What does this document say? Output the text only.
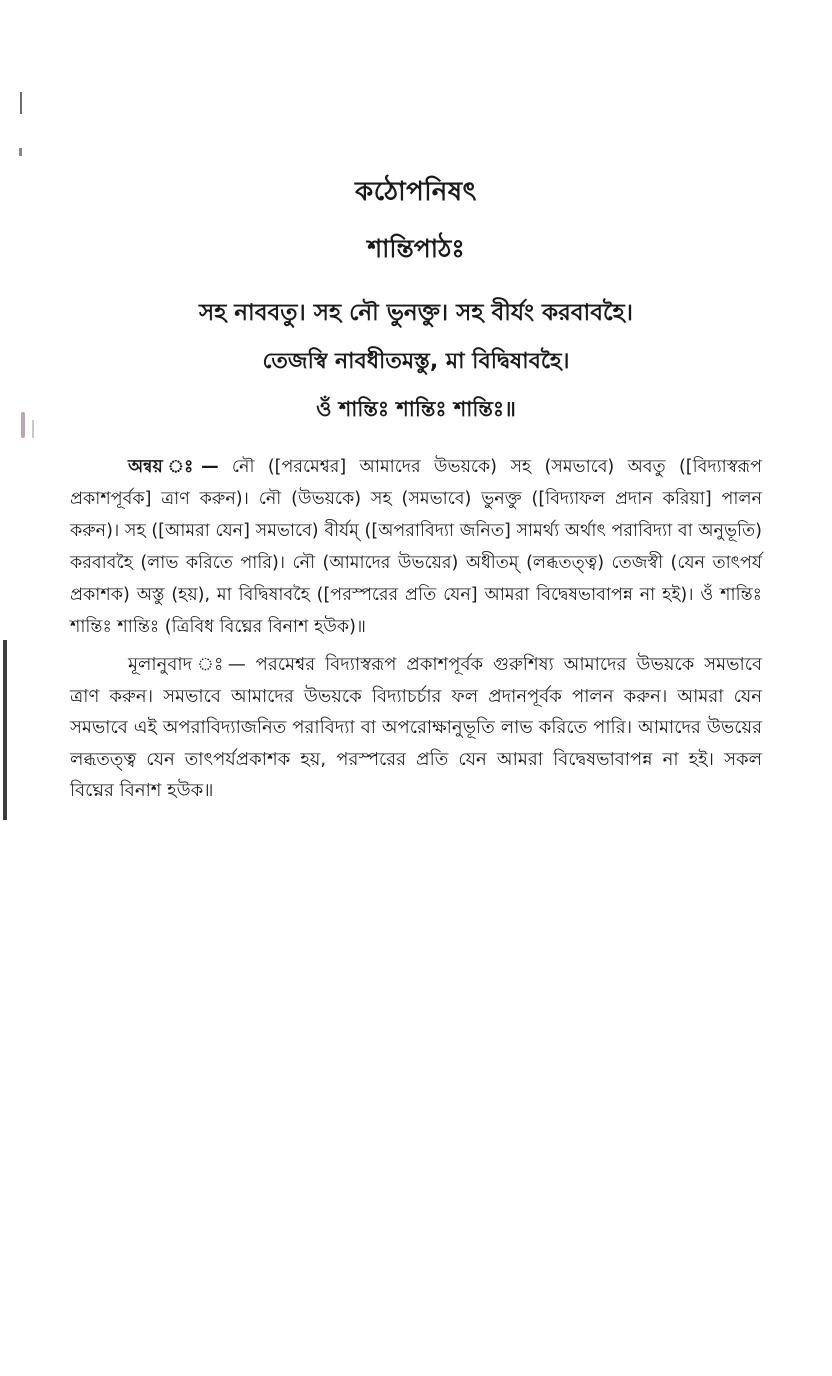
কঠোপনিষৎ
শান্তিপাঠঃ
সহ নাববতু। সহ নৌ ভুনক্তু। সহ বীর্যং করবাবহৈ।
তেজস্বি নাবধীতমস্তু, মা বিদ্বিষাবহৈ।
ওঁ শান্তিঃ শান্তিঃ শান্তিঃ॥

অন্বয় ঃ— নৌ ([পরমেশ্বর] আমাদের উভয়কে) সহ (সমভাবে) অবতু ([বিদ্যাস্বরূপ প্রকাশপূর্বক] ত্রাণ করুন)। নৌ (উভয়কে) সহ (সমভাবে) ভুনক্তু ([বিদ্যাফল প্রদান করিয়া] পালন করুন)। সহ ([আমরা যেন] সমভাবে) বীর্যম্‌ ([অপরাবিদ্যা জনিত] সামর্থ্য অর্থাৎ পরাবিদ্যা বা অনুভূতি) করবাবহৈ (লাভ করিতে পারি)। নৌ (আমাদের উভয়ের) অধীতম্‌ (লব্ধতত্ত্ব) তেজস্বী (যেন তাৎপর্য প্রকাশক) অস্তু (হয়), মা বিদ্বিষাবহৈ ([পরস্পরের প্রতি যেন] আমরা বিদ্বেষভাবাপন্ন না হই)। ওঁ শান্তিঃ শান্তিঃ শান্তিঃ (ত্রিবিধ বিঘ্নের বিনাশ হউক)॥

মূলানুবাদ ঃ— পরমেশ্বর বিদ্যাস্বরূপ প্রকাশপূর্বক গুরুশিষ্য আমাদের উভয়কে সমভাবে ত্রাণ করুন। সমভাবে আমাদের উভয়কে বিদ্যাচর্চার ফল প্রদানপূর্বক পালন করুন। আমরা যেন সমভাবে এই অপরাবিদ্যাজনিত পরাবিদ্যা বা অপরোক্ষানুভূতি লাভ করিতে পারি। আমাদের উভয়ের লব্ধতত্ত্ব যেন তাৎপর্যপ্রকাশক হয়, পরস্পরের প্রতি যেন আমরা বিদ্বেষভাবাপন্ন না হই। সকল বিঘ্নের বিনাশ হউক॥
